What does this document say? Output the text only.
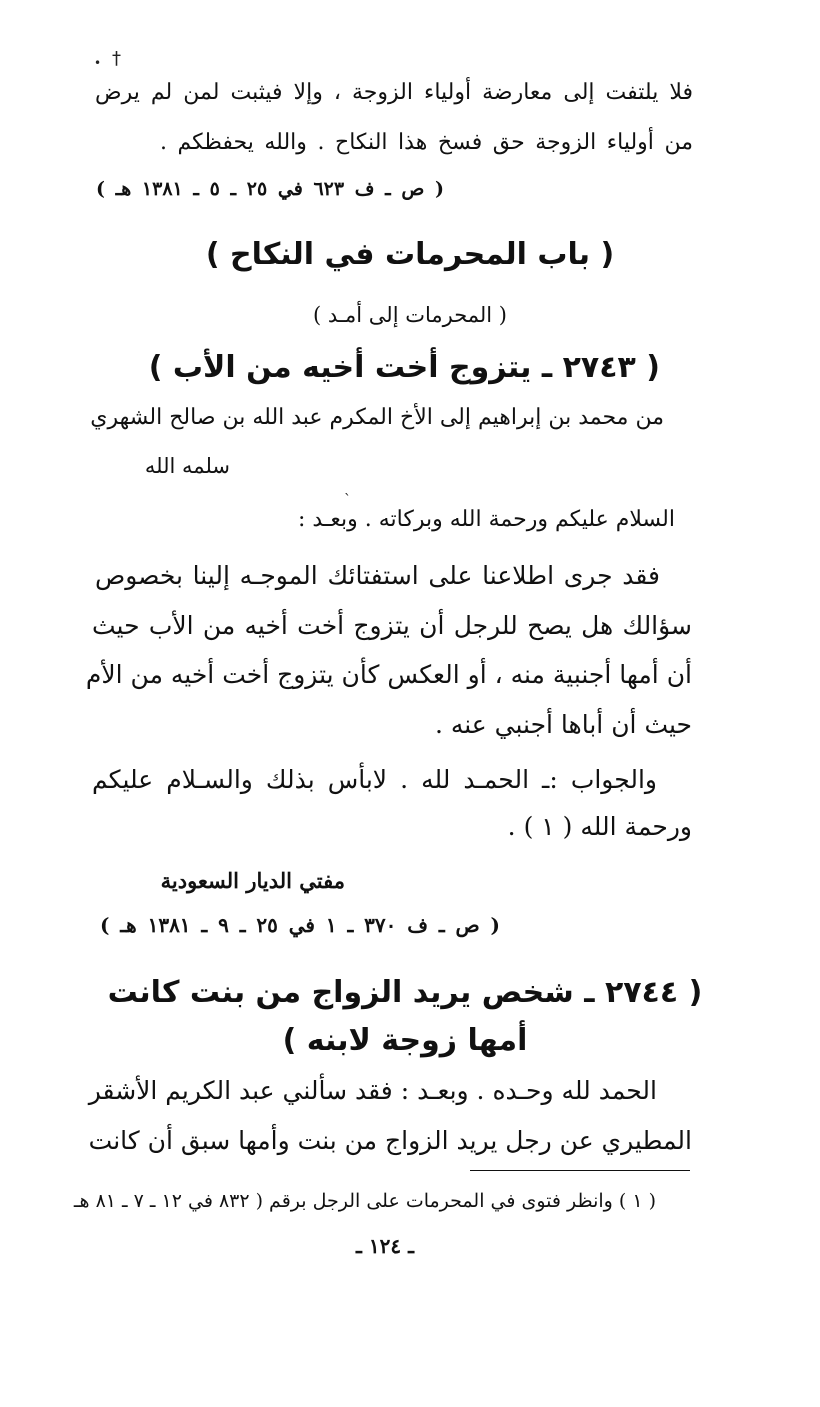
†
•
ˎ
فلا يلتفت إلى معارضة أولياء الزوجة ، وإلا فيثبت لمن لم يرض
من أولياء الزوجة حق فسخ هذا النكاح . والله يحفظكم .
( ص ـ ف ٦٢٣ في ٢٥ ـ ٥ ـ ١٣٨١ هـ )
( باب المحرمات في النكاح )
( المحرمات إلى أمـد )
( ٢٧٤٣ ـ يتزوج أخت أخيه من الأب )
من محمد بن إبراهيم إلى الأخ المكرم عبد الله بن صالح الشهري
سلمه الله
السلام عليكم ورحمة الله وبركاته . وبعـد :
فقد جرى اطلاعنا على استفتائك الموجـه إلينا بخصوص
سؤالك هل يصح للرجل أن يتزوج أخت أخيه من الأب حيث
أن أمها أجنبية منه ، أو العكس كأن يتزوج أخت أخيه من الأم
حيث أن أباها أجنبي عنه .
والجواب :ـ الحمـد لله . لابأس بذلك والسـلام عليكم
ورحمة الله ( ١ ) .
مفتي الديار السعودية
( ص ـ ف ٣٧٠ ـ ١ في ٢٥ ـ ٩ ـ ١٣٨١ هـ )
( ٢٧٤٤ ـ شخص يريد الزواج من بنت كانت
أمها زوجة لابنه )
الحمد لله وحـده . وبعـد : فقد سألني عبد الكريم الأشقر
المطيري عن رجل يريد الزواج من بنت وأمها سبق أن كانت
( ١ ) وانظر فتوى في المحرمات على الرجل برقم ( ٨٣٢ في ١٢ ـ ٧ ـ ٨١ هـ
ـ ١٢٤ ـ
